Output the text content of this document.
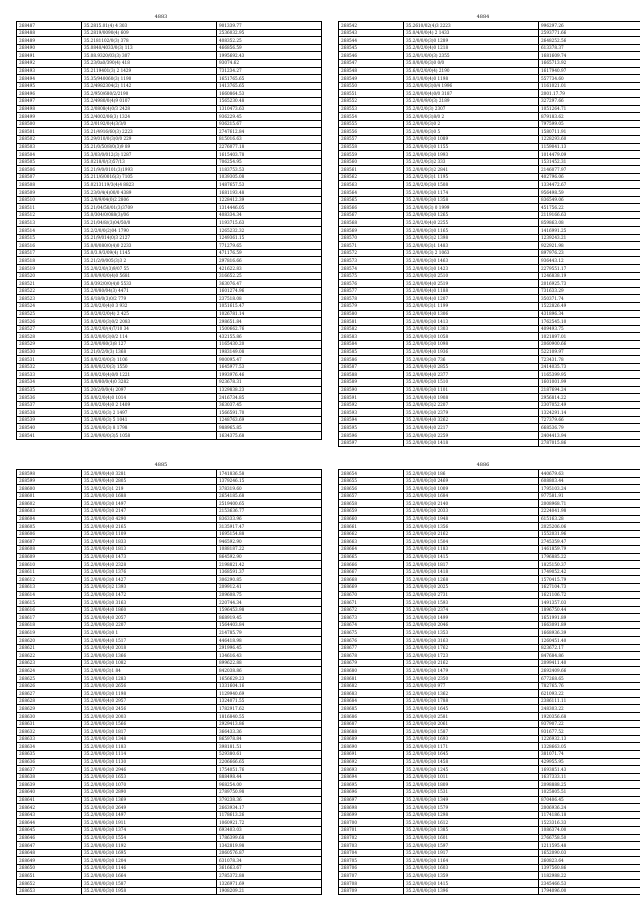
4883
268487	35.2815.01(4) 4 303	901339.77
268488	35.2819/0090(4) 609	2536032.95
268489	35.2181102/0(3) 378	408352.25
268490	35.0840/4033/0(3) 113	466856.59
268491	35.08.9320/03(3) 307	1995692.43
268492	35.23/0a0/390(4) 418	93074.62
268493	35.2119401(3) 2 1429	731234.27
268494	35.35/940060(3) 1190	1651765.65
268495	35.2/4982304(2) 1142	1413765.65
268496	35.2/950/680/2/2190	1660864.53
268497	35.2/4980/0(4)9 0107	1565230.48
268498	35.2/0808(4)0/3 2428	1310473.63
268499	35.2/4002/06(3) 1324	936229.45
268500	35.2/0192/0(4)3/3/0	936215.67
268501	35.21/4916/60(3) 2223	2747612.84
268502	35.29/010/0(3)0/0 229	815016.63
268503	35.21/0/50/8/0(3)9 89	2276077.18
268504	35.3/03/0/012(3) 1287	1615403.78
268505	35.0218/0/(3)57/13	706254.95
268506	35.21/9/0/0101(3)1993	1183753.53
268507	35.211/6/0016(3) 7105	1039305.08
268508	35.0213119/3(4)4 8823	1487657.53
268509	35.23/0/4(4)00/0 4389	1681193.48
268510	35.2/0/9/04(0)2 2806	1228412.39
268511	35.21/04/50/01(3)3709	1314446.05
268512	35.0/304/0/088(3)/06	408334.34
268513	35.21/04/8/(3)04/50/0	1193715.63
268514	35.2/2/0/0(2)04 1790	1265232.32
268515	35.21/9/014(0)3 2127	1249361.15
268516	35.0/0/080/0(4)0 2233	771279.65
268517	35.0/3.9/3/09(4) 1145	471176.59
268518	35.21/2/0/005(3)3 2	297816.66
268519	35.2/0/2/0/(3)9/07 55	421622.83
268520	35.0/0/9/0/0(4)0 5681	316652.25
268521	35.8/392/0/0(4)0 5533	363076.47
268522	35.2/0/80/04(3) 4471	1601274.96
268523	35.6/18/0(3)0/2 779	237518.08
268524	35.2/0/2/0(4)0 3 932	1051615.47
268525	35.0/2/0/2/0(4) 2 425	1026781.14
268526	35.0/2/0/0(3)0/2 2083	298651.84
268527	35.2/0/2/0/(4)7/10 34	1500662.76
268528	35.0/2/0/0(3)0/2 114	432155.86
268529	35.2/0/0/80(3)8 127	1165430.20
268530	35.21/0/2/0(3) 1368	1983149.08
268531	35.0/0/2/0/0(3) 1106	900095.47
268532	35.0/0/0/2/0(3) 1550	1645977.53
268533	35.0/0/2/0(4)0/0 1221	1993976.46
268534	35.0/0/80/0(4)0 3282	923678.31
268535	35.20/2/0/0(4) 2097	1329838.23
268536	35.0/0/2/0(4)0 1014	2416734.85
268537	35.0/0/2/0(4)0 2 1409	363037.45
268538	35.2/0/2/0(3) 2 1497	1566591.70
268539	35.2/0/0/0(3) 5 1041	1248763.69
268540	35.2/0/0/0(3) 8 1798	988965.85
268541	35.2/0/9/0/0(3)5 1058	1634375.68
4884
268542	35.2610/02(4)3 2223	996297.26
268543	35.0/4/0/0(4) 2 1433	2593771.66
268544	35.2/0/0/0(3)0 1289	2648252.56
268545	35.2/0/2/0(4)0 1218	613378.37
268546	35.2/0/1/0/0(3) 2355	1681609.74
268547	35.0/0/0/0(3)0 0/0	1665713.92
268548	35.6/0/2/0/0(4) 2190	1617940.97
268549	35.0/1/0/0(4)0 1198	557734.60
268550	35.2/0/0/0(3)0/4 1996	1161021.01
268551	35.2/0/0/0(4)0/0 3187	2001.17.79
268552	35.2/0/0/9/0(3) 2189	327297.66
268553	35.2/0/2/0(3) 2307	1051264.71
268554	35.2/0/0/0(3)8/0 2	879183.62
268555	35.2/0/0/0(3)0 2	797599.05
268556	35.2/0/0/0(3)0 5	1580711.91
268557	35.2/0/0/0(3)0 1089	1228293.60
268558	35.2/0/0/0(3)0 1155	1159041.13
268559	35.2/0/0/0(3)0 1993	1014479.09
268560	35.2/0/2/0(3)2 333	1531452.31
268561	35.2/0/0/0(3)2 2841	2146077.97
268562	35.2/0/2/0(3)1 1195	402796.06
268563	35.2/0/2/0(3)0 1508	1334472.67
268564	35.2/0/0/0(3)0 1174	956498.59
268565	35.2/0/0/0(3)0 1358	836549.06
268566	35.2/0/0/0(3) 0 1999	451756.22
268567	35.2/0/0/0(3)0 1265	2119166.63
268568	35.2/0/2/0(4)0 2255	859863.08
268569	35.2/0/0/0(3)0 1165	1416991.25
268570	35.2/0/0/0(3)2 1398	1239243.21
268571	35.2/0/0/0(3)1 1483	922921.98
268572	35.2/0/0/0(3) 2 1063	897976.23
268573	35.2/0/0/0(3)0 1463	936443.12
268574	35.2/0/0/0(3)0 1423	2279551.17
268575	35.2/0/0/0(3)0 2510	1246838.19
268576	35.2/0/0/0(4)0 2519	2016925.73
268577	35.2/0/0/0(4)0 1188	731633.29
268578	35.2/0/0/0(4)0 1207	350371.74
268579	35.2/0/0/0(3)1 1199	1522826.49
268580	35.2/0/0/0(4)0 1306	431896.34
268581	35.2/0/0/0(3)0 1413	1762545.10
268582	35.2/0/0/0(3)0 1303	409493.75
268583	35.2/0/0/0(3)0 1058	1021897.01
268584	35.2/0/0/0(3)0 1098	2060900.66
268585	35.2/0/0/0(4)0 1936	522109.97
268586	35.2/0/0/0(3)0 736	723431.78
268587	35.2/0/0/0(4)0 2855	2414035.73
268588	35.2/0/0/0(4)0 2377	1165399.95
268589	35.2/0/0/0(3)0 1510	1601001.99
268590	35.2/0/0/0(3)0 1101	2187694.24
268591	35.2/0/0/0(4)0 1908	2956814.22
268592	35.2/0/0/0(3)2 2207	2307052.49
268593	35.2/0/0/0(3)0 2379	1324291.14
268594	35.2/0/0/0(4)0 3262	727379.66
268595	35.2/0/0/0(4)0 2217	668536.79
268596	35.2/0/0/0(3)0 2259	2404413.94
268597	35.2/0/0/0(3)0 1418	2787015.86
4885
268598	35.2/0/9/0(4)0 3281	1741836.58
268599	35.2/0/9/0(4)0 2805	1379246.15
268600	35.2/0/2/0(3)1 219	378319.60
268601	35.2/0/0/0(3)0 1688	2654185.68
268602	35.2/0/0/0(3)0 1497	2519400.65
268603	35.2/0/0/0(3)0 2147	2153636.77
268604	35.2/0/0/0(3)0 4290	836333.96
268605	35.2/0/0/0(4)0 2165	3135917.47
268606	35.2/0/0/0(3)0 1109	1695154.88
268607	35.2/0/0/0(4)0 1833	946592.90
268608	35.2/0/0/0(4)0 1813	1088187.22
268609	35.2/0/0/0(4)0 1473	864592.90
268610	35.2/0/0/0(4)0 2328	2198821.42
268611	35.2/0/0/0(3)0 1376	1368591.37
268612	35.2/0/0/0(3)0 1427	306290.85
268613	35.2/0/0/0(3)2 1393	209912.41
268614	35.2/0/0/0(3)0 1472	209608.75
268615	35.2/0/0/0(3)0 3163	220744.34
268616	35.2/0/0/0(4)0 1860	1596453.98
268617	35.2/0/0/0(4)0 2057	868919.45
268618	35.2/0/0/0(3)0 2207	1564403.84
268619	35.2/0/0/0(3)0 1	214785.79
268620	35.2/0/0/0(4)0 1517	446418.98
268621	35.2/0/0/0(4)0 2018	291996.45
268622	35.2/0/0/0(3)0 1366	134616.43
268623	35.2/0/0/0(3)0 1082	899622.88
268624	35.2/0/0/0(3)1 84	842038.86
268625	35.2/0/0/0(3)0 1283	1656629.23
268626	35.2/0/0/0(3)0 2656	1331604.16
268627	35.2/0/0/0(3)0 1198	1129940.69
268628	35.2/0/0/0(4)0 2957	1324071.55
268629	35.2/0/0/0(3)0 2456	1782917.62
268630	35.2/0/0/0(3)0 2003	1816840.55
268631	35.2/0/0/0(3)0 1566	2929413.86
268632	35.2/0/0/0(3)0 1817	366433.36
268633	35.2/0/0/0(3)0 1348	865978.84
268634	35.2/0/0/0(3)0 1183	398181.51
268635	35.2/0/0/0(3)0 1114	529380.61
268636	35.2/0/0/0(3)0 1130	2206666.65
268637	35.2/0/0/0(3)0 2946	1754051.76
268638	35.2/0/0/0(3)0 1653	888498.44
268639	35.2/0/0/0(3)0 1070	968254.00
268640	35.2/0/0/0(3)0 2890	2789750.98
268641	35.2/0/0/0(3)0 1369	379238.36
268642	35.2/0/0/0(3)0 2649	2663934.17
268643	35.2/0/0/0(3)0 1497	1178613.26
268644	35.2/0/0/0(3)0 1911	1060921.72
268645	35.2/0/0/0(3)0 1374	693403.03
268646	35.2/0/0/0(3)0 1554	1786399.68
268647	35.2/0/0/0(3)0 1192	1342819.98
268648	35.2/0/0/0(3)0 1695	2060576.87
268649	35.2/0/0/0(3)0 1204	631078.34
268650	35.2/0/0/0(3)0 1146	361663.67
268651	35.2/0/0/0(3)0 1664	2785372.88
268652	35.2/0/0/0(3)0 1587	1326971.69
268653	35.2/0/0/0(3)0 1958	1908209.21
4886
268654	35.2/0/0/0(3)0 186	440679.63
268655	35.2/0/0/0(3)0 2469	608803.44
268656	35.2/0/0/0(3)0 1009	1795103.24
268657	35.2/0/0/0(3)0 1684	977581.91
268658	35.2/0/0/0(3)0 2140	2008968.71
268659	35.2/0/0/0(3)0 2033	2224041.98
268660	35.2/0/0/0(3)0 1948	615163.28
268661	35.2/0/0/0(3)0 1356	2025206.06
268662	35.2/0/0/0(3)0 2162	1552031.96
268663	35.2/0/0/0(3)0 1504	2745359.47
268664	35.2/0/0/0(3)0 1183	1461859.79
268665	35.2/0/0/0(3)0 1415	1796885.22
268666	35.2/0/0/0(3)0 1817	1825150.37
268667	35.2/0/0/0(3)0 1418	1749052.42
268668	35.2/0/0/0(3)0 1268	1570415.79
268669	35.2/0/0/0(3)0 2025	1627104.73
268670	35.2/0/0/0(3)0 2731	1621106.72
268671	35.2/0/0/0(3)0 1593	1491357.03
268672	35.2/0/0/0(3)0 2374	1896750.44
268673	35.2/0/0/0(3)0 1499	1651991.89
268674	35.2/0/0/0(3)0 2046	1663091.89
268675	35.2/0/0/0(3)0 1353	1668936.39
268676	35.2/0/0/0(3)0 3163	1260451.40
268677	35.2/0/0/0(3)0 1762	823672.17
268678	35.2/0/0/0(3)0 1723	847684.86
268679	35.2/0/0/0(3)0 2162	2099411.40
268680	35.2/0/0/0(3)0 1479	2692409.66
268681	35.2/0/0/0(3)0 2350	677268.65
268682	35.2/0/0/0(3)0 977	782765.76
268683	35.2/0/0/0(3)0 1362	621093.22
268684	35.2/0/0/0(3)0 1788	2386111.11
268685	35.2/0/0/0(3)0 1645	248303.22
268686	35.2/0/0/0(3)0 2581	1920356.68
268687	35.2/0/0/0(3)0 2061	937907.22
268688	35.2/0/0/0(3)0 1587	931677.52
268689	35.2/0/0/0(3)0 1693	1226932.13
268690	35.2/0/0/0(3)0 1171	1328663.05
268691	35.2/0/0/0(3)0 1645	381071.74
268692	35.2/0/0/0(3)0 1458	429955.95
268693	35.2/0/0/0(3)0 1245	1693851.43
268694	35.2/0/0/0(3)0 1011	1637333.11
268695	35.2/0/0/0(3)0 1809	2098888.25
268696	35.2/0/0/0(3)0 1531	1025805.51
268697	35.2/0/0/0(3)0 1349	870406.45
268698	35.2/0/0/0(3)0 1579	2006936.24
268699	35.2/0/0/0(3)0 1298	1174186.18
268700	35.2/0/0/0(3)0 1612	1523316.33
268701	35.2/0/0/0(3)0 1385	1086374.00
268702	35.2/0/0/0(3)0 1601	2766758.50
268703	35.2/0/0/0(3)0 1597	1211595.48
268704	35.2/0/0/0(3)0 1917	1652090.03
268705	35.2/0/0/0(3)0 1164	260823.64
268706	35.2/0/0/0(3)0 1603	1397560.86
268707	35.2/0/0/0(3)0 1359	1182988.22
268708	35.2/0/0/0(3)0 1415	2345466.53
268709	35.2/0/0/0(3)0 1396	1794096.00
